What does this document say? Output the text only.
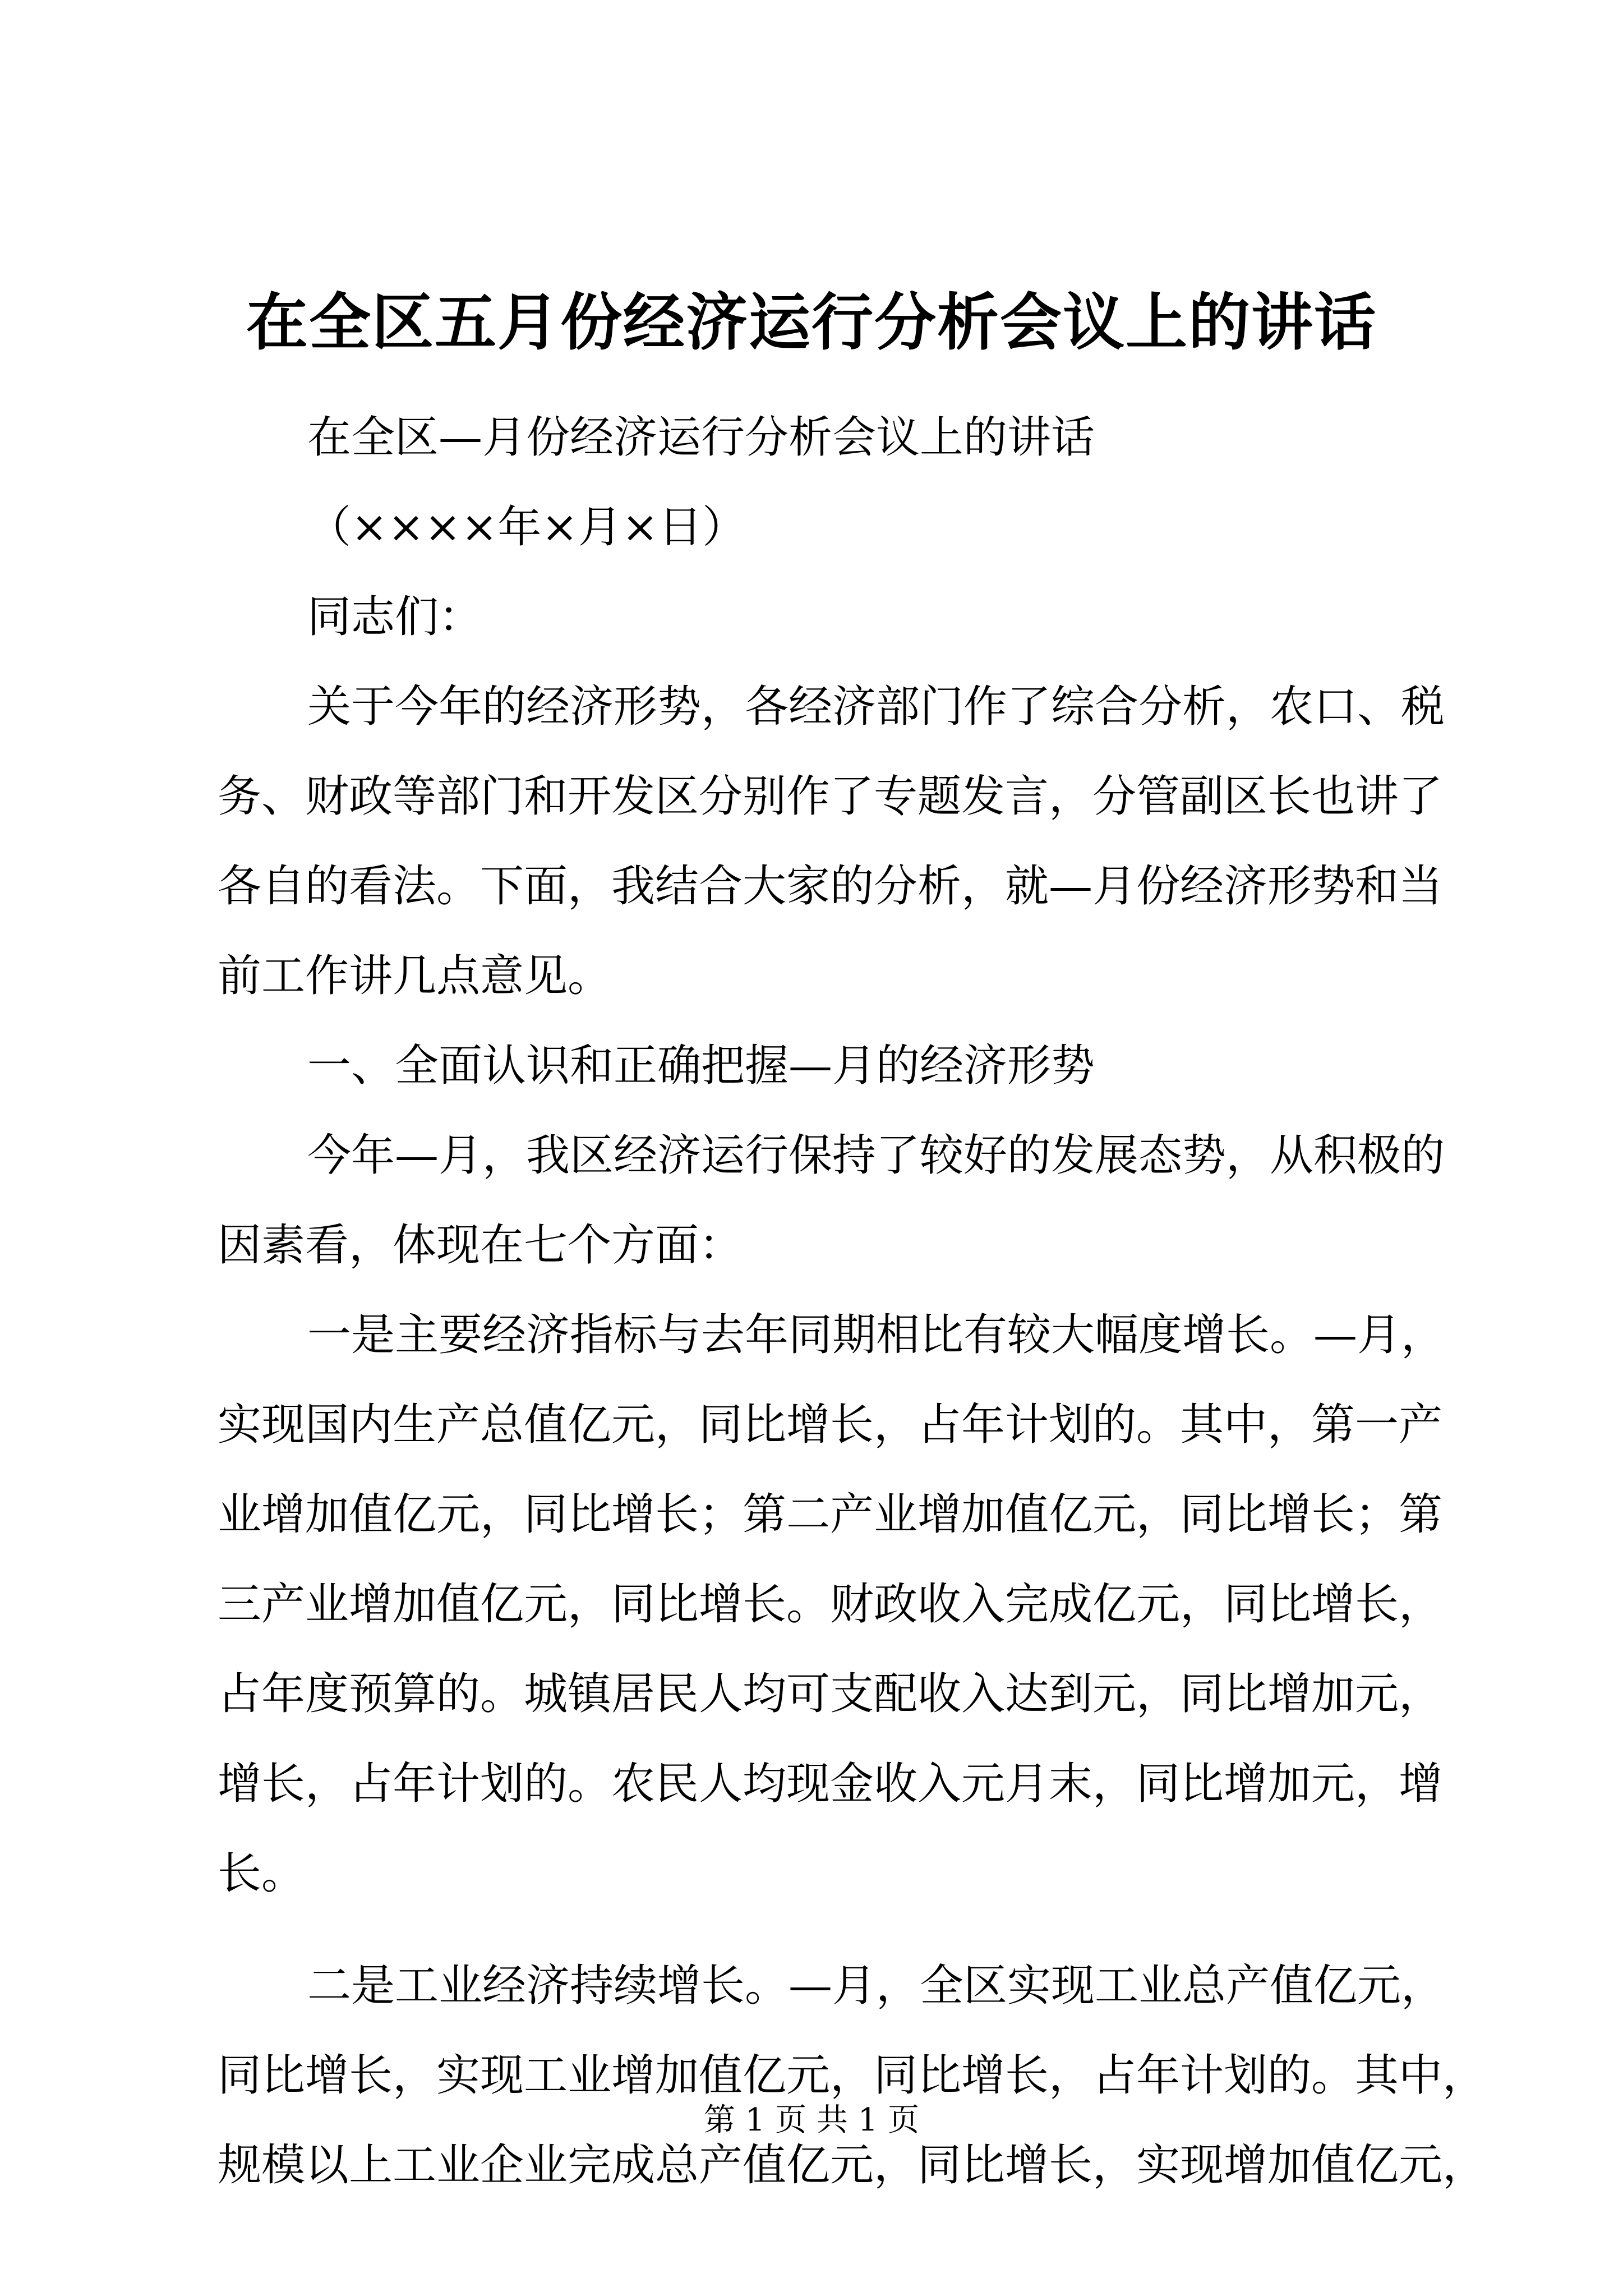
在全区五月份经济运行分析会议上的讲话
在全区—月份经济运行分析会议上的讲话
（××××年×月×日）
同志们：
关于今年的经济形势，各经济部门作了综合分析，农口、税
务、财政等部门和开发区分别作了专题发言，分管副区长也讲了
各自的看法。下面，我结合大家的分析，就—月份经济形势和当
前工作讲几点意见。
一、全面认识和正确把握—月的经济形势
今年—月，我区经济运行保持了较好的发展态势，从积极的
因素看，体现在七个方面：
一是主要经济指标与去年同期相比有较大幅度增长。—月，
实现国内生产总值亿元，同比增长，占年计划的。其中，第一产
业增加值亿元，同比增长；第二产业增加值亿元，同比增长；第
三产业增加值亿元，同比增长。财政收入完成亿元，同比增长，
占年度预算的。城镇居民人均可支配收入达到元，同比增加元，
增长，占年计划的。农民人均现金收入元月末，同比增加元，增
长。
二是工业经济持续增长。—月，全区实现工业总产值亿元，
同比增长，实现工业增加值亿元，同比增长，占年计划的。其中，
规模以上工业企业完成总产值亿元，同比增长，实现增加值亿元，
第 1 页 共 1 页
